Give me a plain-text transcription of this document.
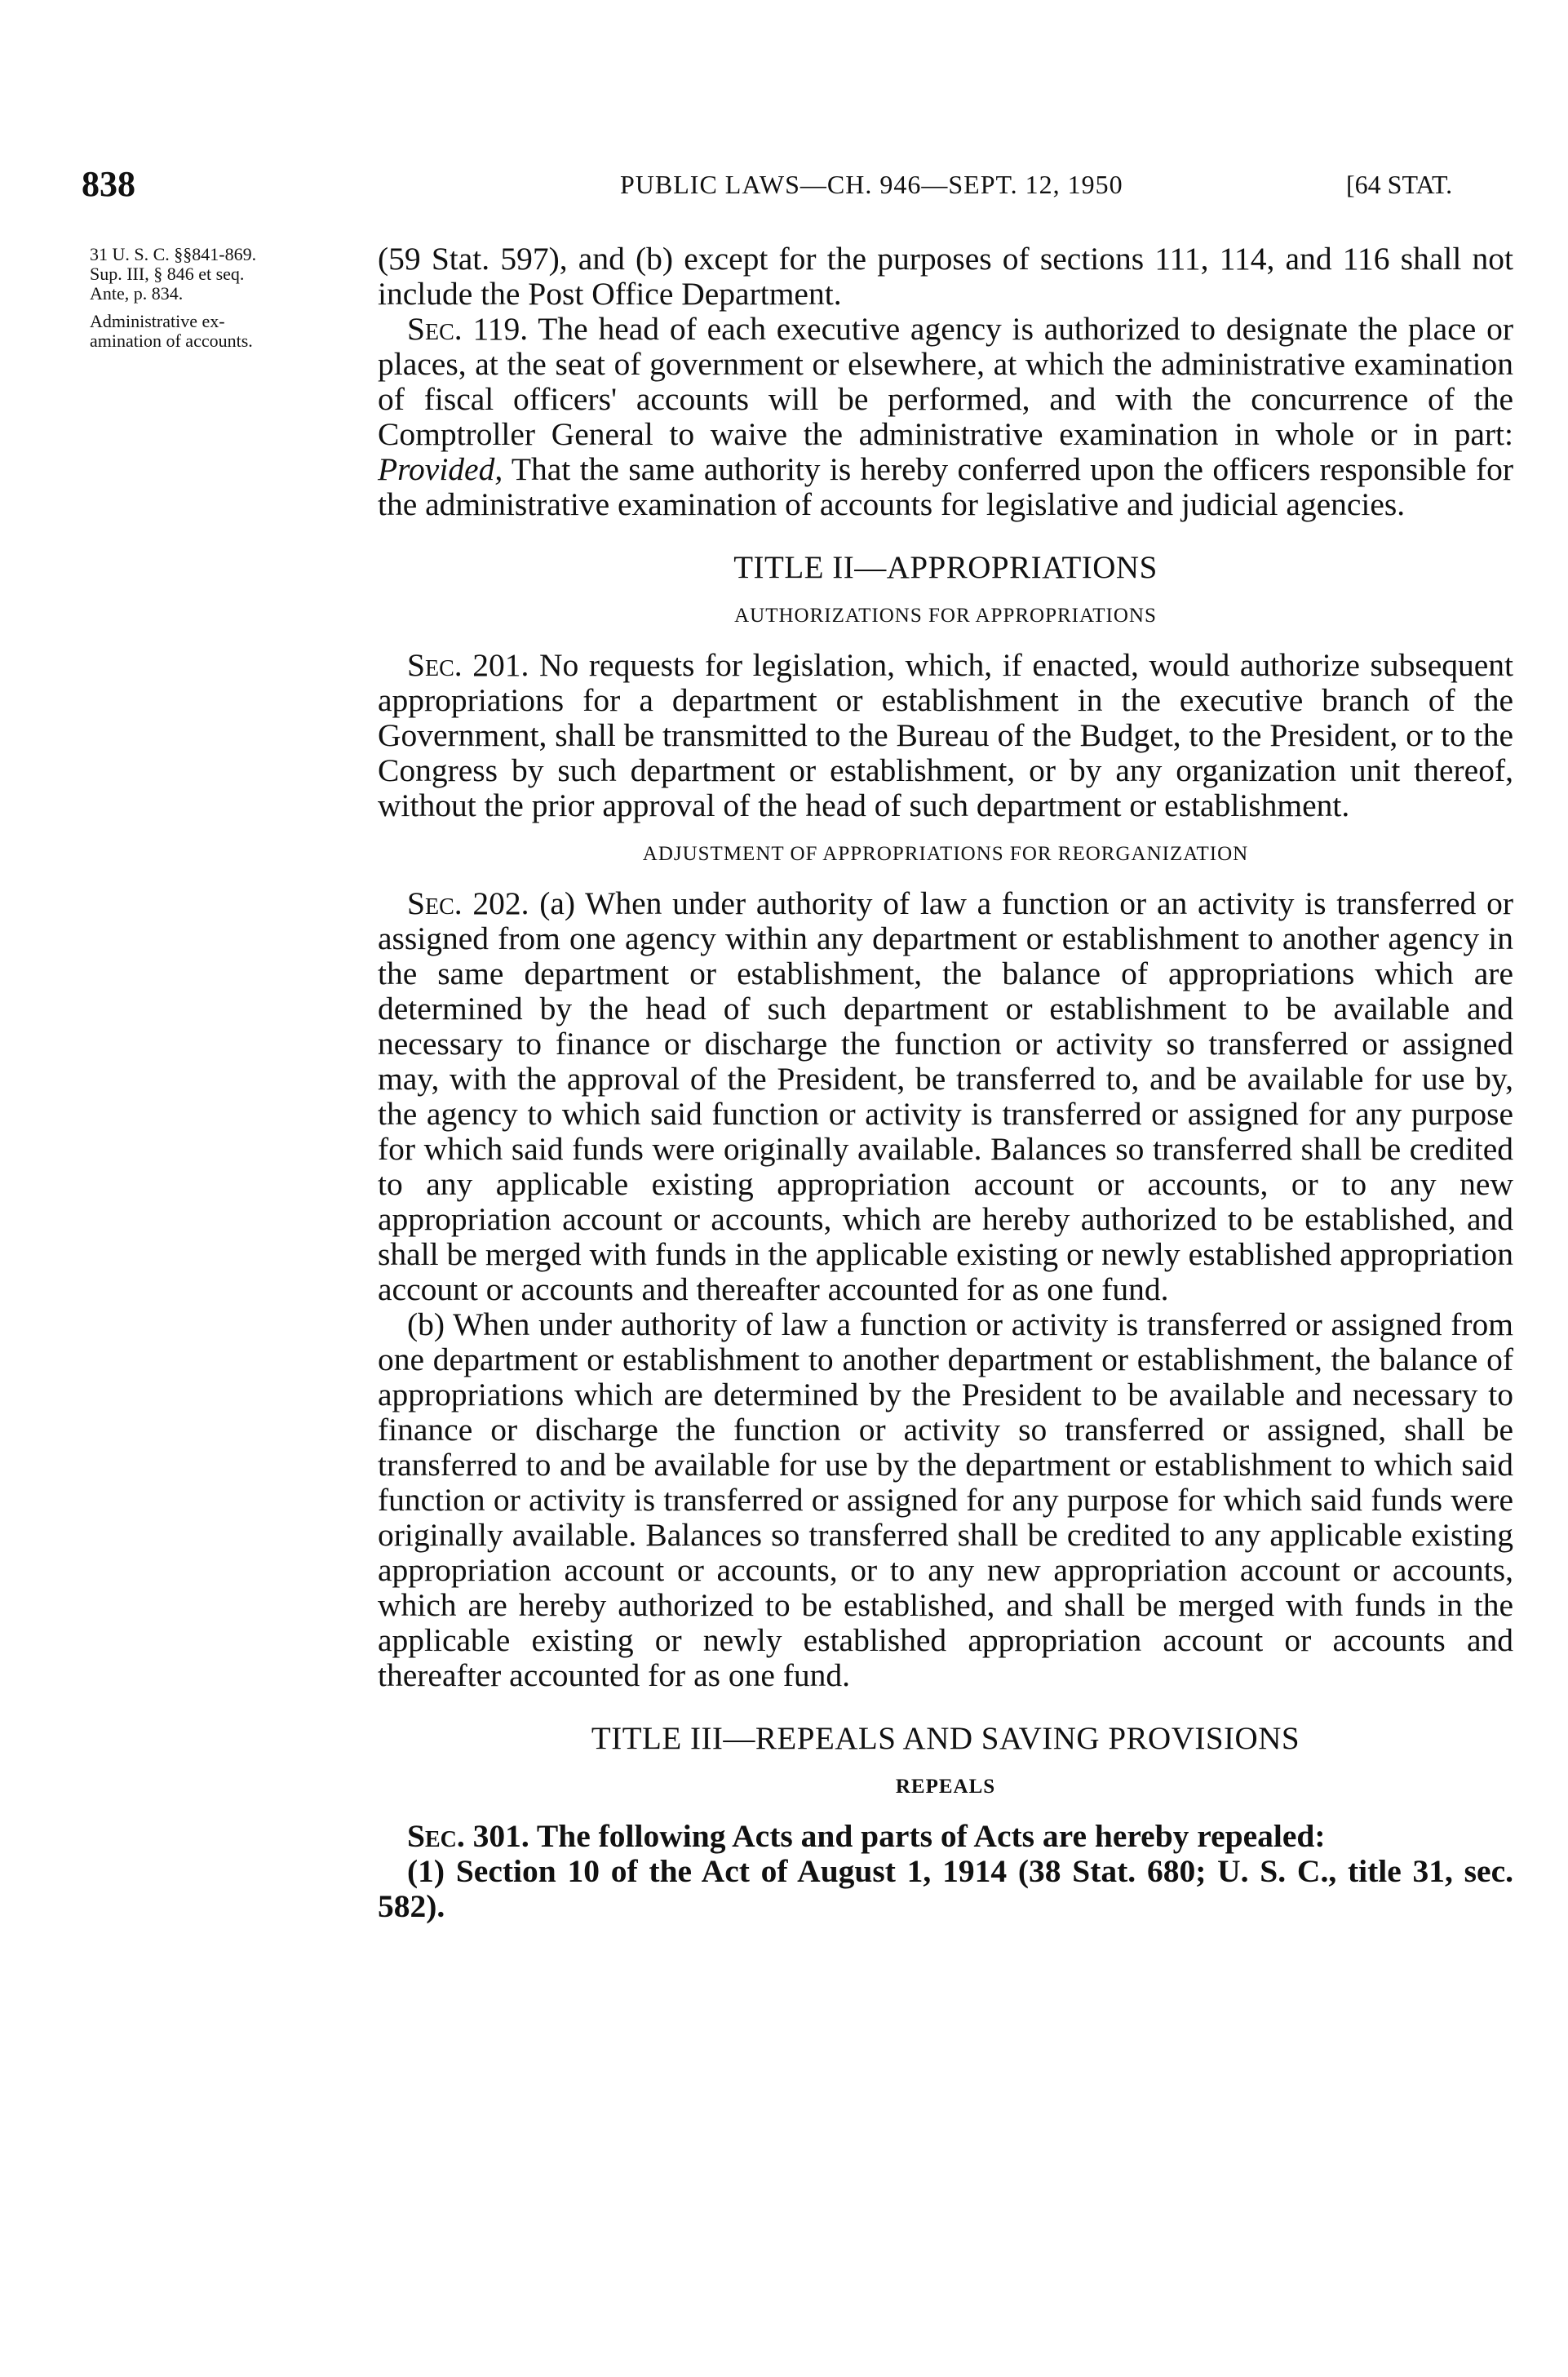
838	PUBLIC LAWS—CH. 946—SEPT. 12, 1950	[64 STAT.

31 U. S. C. §§841-869.

Sup. III, § 846 et seq.

Ante, p. 834.

Administrative ex-

amination of accounts.

(59 Stat. 597), and (b) except for the purposes of sections 111, 114, and 116 shall not include the Post Office Department.

Sec. 119. The head of each executive agency is authorized to designate the place or places, at the seat of government or elsewhere, at which the administrative examination of fiscal officers' accounts will be performed, and with the concurrence of the Comptroller General to waive the administrative examination in whole or in part: Provided, That the same authority is hereby conferred upon the officers responsible for the administrative examination of accounts for legislative and judicial agencies.

TITLE II—APPROPRIATIONS
AUTHORIZATIONS FOR APPROPRIATIONS

Sec. 201. No requests for legislation, which, if enacted, would authorize subsequent appropriations for a department or establishment in the executive branch of the Government, shall be transmitted to the Bureau of the Budget, to the President, or to the Congress by such department or establishment, or by any organization unit thereof, without the prior approval of the head of such department or establishment.

ADJUSTMENT OF APPROPRIATIONS FOR REORGANIZATION

Sec. 202. (a) When under authority of law a function or an activity is transferred or assigned from one agency within any department or establishment to another agency in the same department or establishment, the balance of appropriations which are determined by the head of such department or establishment to be available and necessary to finance or discharge the function or activity so transferred or assigned may, with the approval of the President, be transferred to, and be available for use by, the agency to which said function or activity is transferred or assigned for any purpose for which said funds were originally available. Balances so transferred shall be credited to any applicable existing appropriation account or accounts, or to any new appropriation account or accounts, which are hereby authorized to be established, and shall be merged with funds in the applicable existing or newly established appropriation account or accounts and thereafter accounted for as one fund.

(b) When under authority of law a function or activity is transferred or assigned from one department or establishment to another department or establishment, the balance of appropriations which are determined by the President to be available and necessary to finance or discharge the function or activity so transferred or assigned, shall be transferred to and be available for use by the department or establishment to which said function or activity is transferred or assigned for any purpose for which said funds were originally available. Balances so transferred shall be credited to any applicable existing appropriation account or accounts, or to any new appropriation account or accounts, which are hereby authorized to be established, and shall be merged with funds in the applicable existing or newly established appropriation account or accounts and thereafter accounted for as one fund.

TITLE III—REPEALS AND SAVING PROVISIONS
REPEALS

Sec. 301. The following Acts and parts of Acts are hereby repealed:

(1) Section 10 of the Act of August 1, 1914 (38 Stat. 680; U. S. C., title 31, sec. 582).
